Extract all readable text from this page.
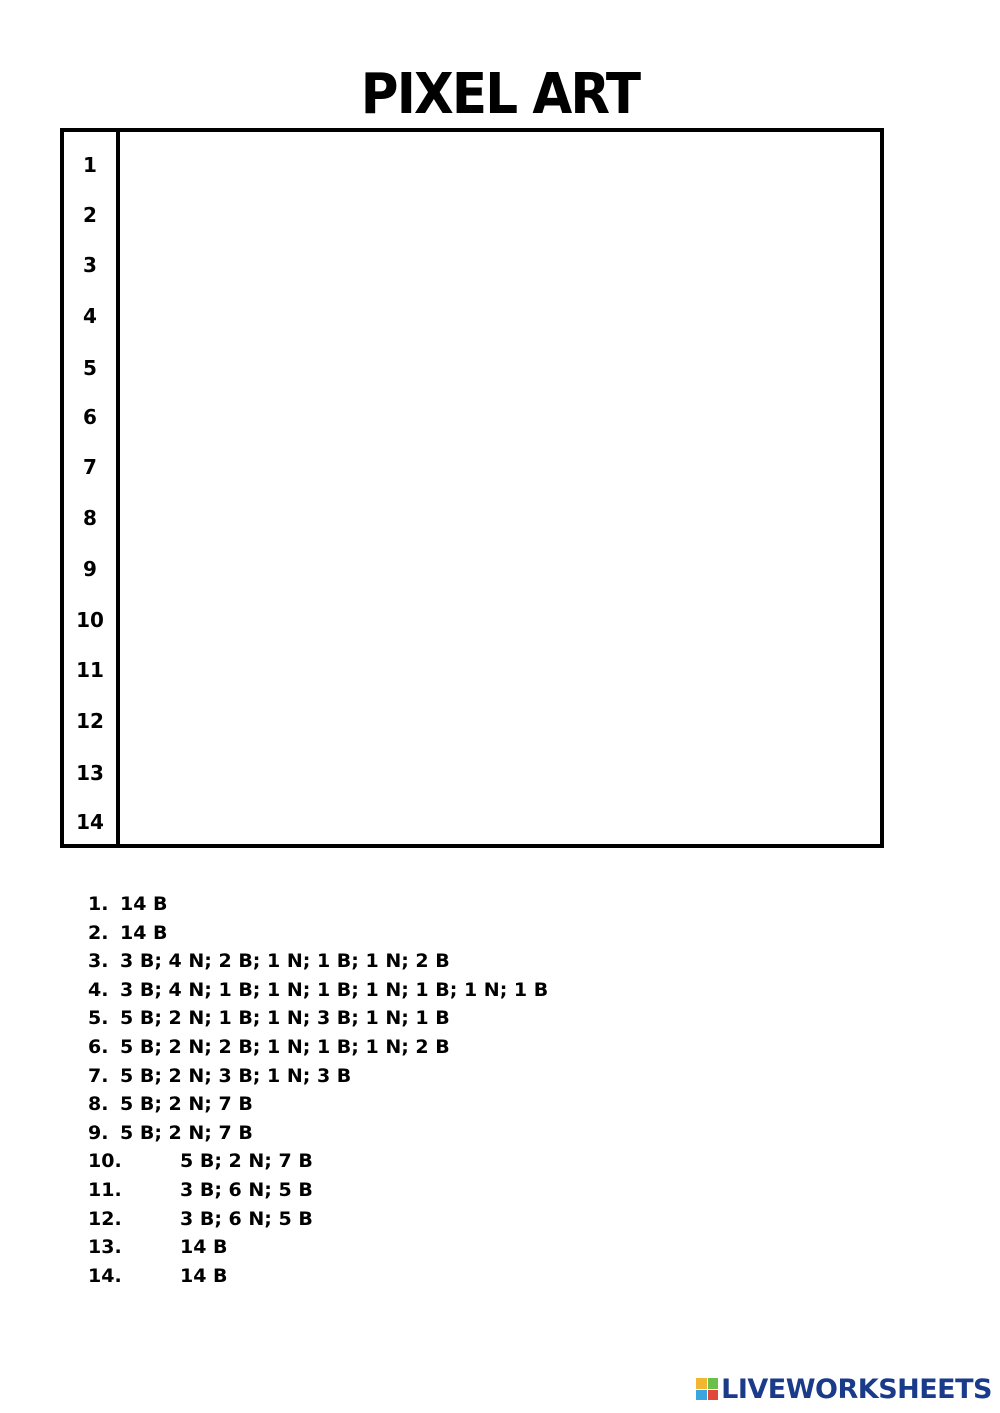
PIXEL ART
1
2
3
4
5
6
7
8
9
10
11
12
13
14
1. 14 B
2. 14 B
3. 3 B; 4 N; 2 B; 1 N; 1 B; 1 N; 2 B
4. 3 B; 4 N; 1 B; 1 N; 1 B; 1 N; 1 B; 1 N; 1 B
5. 5 B; 2 N; 1 B; 1 N; 3 B; 1 N; 1 B
6. 5 B; 2 N; 2 B; 1 N; 1 B; 1 N; 2 B
7. 5 B; 2 N; 3 B; 1 N; 3 B
8. 5 B; 2 N; 7 B
9. 5 B; 2 N; 7 B
10.	5 B; 2 N; 7 B
11.	3 B; 6 N; 5 B
12.	3 B; 6 N; 5 B
13.	14 B
14.	14 B
LIVEWORKSHEETS
